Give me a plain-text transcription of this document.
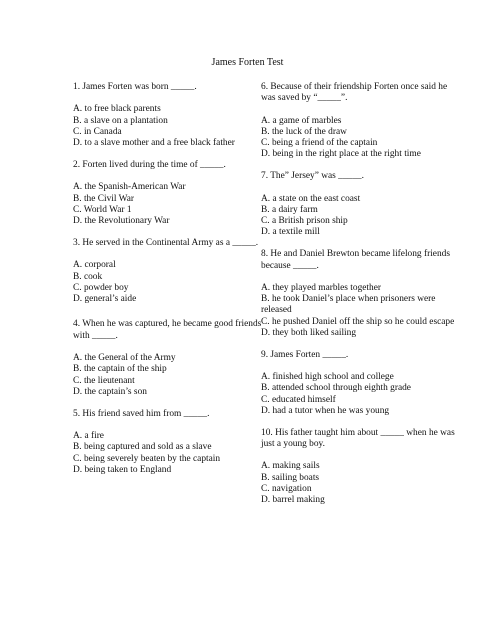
James Forten Test
1. James Forten was born _____.
A. to free black parents
B. a slave on a plantation
C. in Canada
D. to a slave mother and a free black father
2. Forten lived during the time of _____.
A. the Spanish-American War
B. the Civil War
C. World War 1
D. the Revolutionary War
3. He served in the Continental Army as a _____.
A. corporal
B. cook
C. powder boy
D. general’s aide
4. When he was captured, he became good friends with _____.
A. the General of the Army
B. the captain of the ship
C. the lieutenant
D. the captain’s son
5. His friend saved him from _____.
A. a fire
B. being captured and sold as a slave
C. being severely beaten by the captain
D. being taken to England
6. Because of their friendship Forten once said he was saved by “_____”.
A. a game of marbles
B. the luck of the draw
C. being a friend of the captain
D. being in the right place at the right time
7. The” Jersey” was _____.
A. a state on the east coast
B. a dairy farm
C. a British prison ship
D. a textile mill
8. He and Daniel Brewton became lifelong friends because _____.
A. they played marbles together
B. he took Daniel’s place when prisoners were released
C. he pushed Daniel off the ship so he could escape
D. they both liked sailing
9. James Forten _____.
A. finished high school and college
B. attended school through eighth grade
C. educated himself
D. had a tutor when he was young
10. His father taught him about _____ when he was just a young boy.
A. making sails
B. sailing boats
C. navigation
D. barrel making
